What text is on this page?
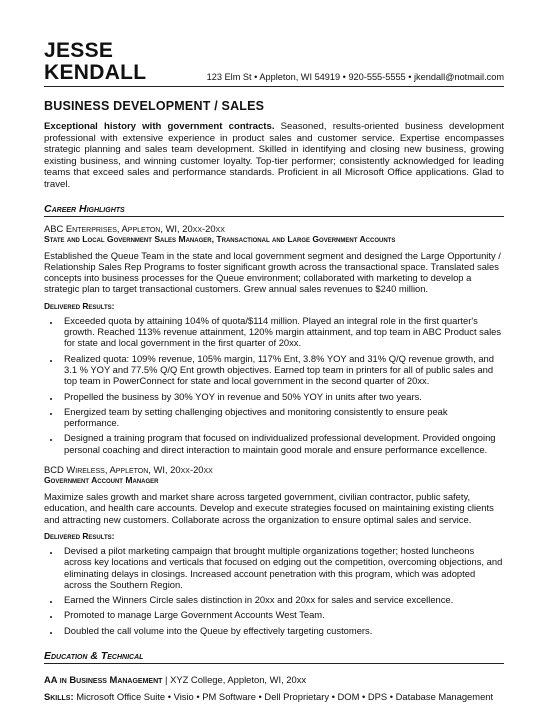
JESSE KENDALL	123 Elm St • Appleton, WI 54919 • 920-555-5555 • jkendall@notmail.com
BUSINESS DEVELOPMENT / SALES
Exceptional history with government contracts. Seasoned, results-oriented business development professional with extensive experience in product sales and customer service. Expertise encompasses strategic planning and sales team development. Skilled in identifying and closing new business, growing existing business, and winning customer loyalty. Top-tier performer; consistently acknowledged for leading teams that exceed sales and performance standards. Proficient in all Microsoft Office applications. Glad to travel.
Career Highlights
ABC Enterprises, Appleton, WI, 20xx-20xx
State and Local Government Sales Manager, Transactional and Large Government Accounts
Established the Queue Team in the state and local government segment and designed the Large Opportunity / Relationship Sales Rep Programs to foster significant growth across the transactional space. Translated sales concepts into business processes for the Queue environment; collaborated with marketing to develop a strategic plan to target transactional customers. Grew annual sales revenues to $240 million.
Delivered Results:
• Exceeded quota by attaining 104% of quota/$114 million. Played an integral role in the first quarter's growth. Reached 113% revenue attainment, 120% margin attainment, and top team in ABC Product sales for state and local government in the first quarter of 20xx.
• Realized quota: 109% revenue, 105% margin, 117% Ent, 3.8% YOY and 31% Q/Q revenue growth, and 3.1 % YOY and 77.5% Q/Q Ent growth objectives. Earned top team in printers for all of public sales and top team in PowerConnect for state and local government in the second quarter of 20xx.
• Propelled the business by 30% YOY in revenue and 50% YOY in units after two years.
• Energized team by setting challenging objectives and monitoring consistently to ensure peak performance.
• Designed a training program that focused on individualized professional development. Provided ongoing personal coaching and direct interaction to maintain good morale and ensure performance excellence.
BCD Wireless, Appleton, WI, 20xx-20xx
Government Account Manager
Maximize sales growth and market share across targeted government, civilian contractor, public safety, education, and health care accounts. Develop and execute strategies focused on maintaining existing clients and attracting new customers. Collaborate across the organization to ensure optimal sales and service.
Delivered Results:
• Devised a pilot marketing campaign that brought multiple organizations together; hosted luncheons across key locations and verticals that focused on edging out the competition, overcoming objections, and eliminating delays in closings. Increased account penetration with this program, which was adopted across the Southern Region.
• Earned the Winners Circle sales distinction in 20xx and 20xx for sales and service excellence.
• Promoted to manage Large Government Accounts West Team.
• Doubled the call volume into the Queue by effectively targeting customers.
Education & Technical
AA in Business Management | XYZ College, Appleton, WI, 20xx
Skills: Microsoft Office Suite • Visio • PM Software • Dell Proprietary • DOM • DPS • Database Management
